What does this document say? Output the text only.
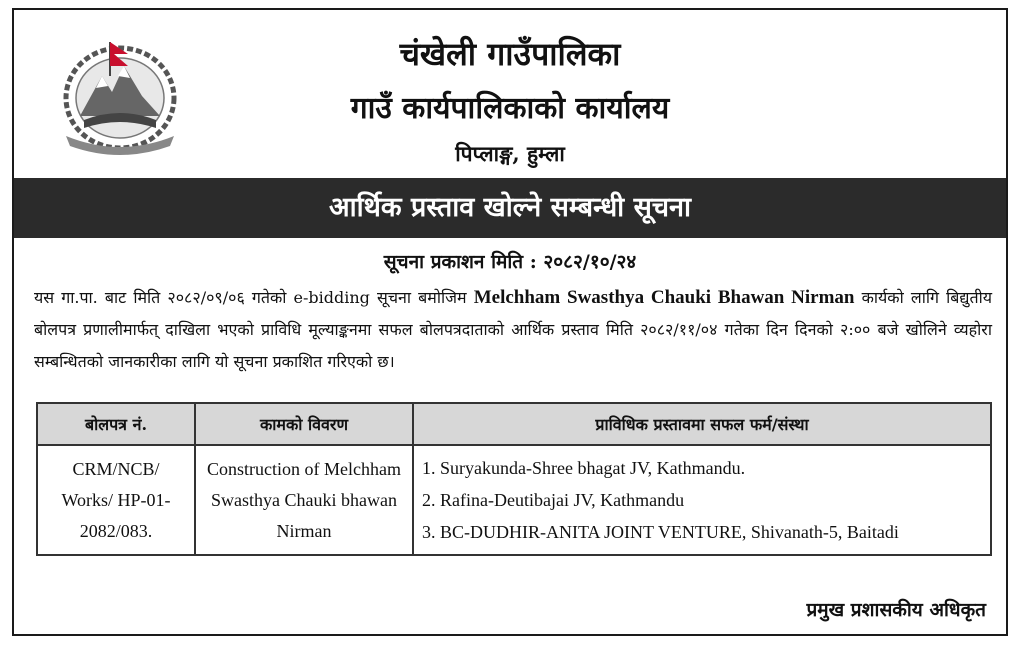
चंखेली गाउँपालिका
गाउँ कार्यपालिकाको कार्यालय
पिप्लाङ्ग, हुम्ला
आर्थिक प्रस्ताव खोल्ने सम्बन्धी सूचना
सूचना प्रकाशन मिति : २०८२/१०/२४
यस गा.पा. बाट मिति २०८२/०९/०६ गतेको e-bidding सूचना बमोजिम Melchham Swasthya Chauki Bhawan Nirman कार्यको लागि बिद्युतीय बोलपत्र प्रणालीमार्फत् दाखिला भएको प्राविधि मूल्याङ्कनमा सफल बोलपत्रदाताको आर्थिक प्रस्ताव मिति २०८२/११/०४ गतेका दिन दिनको २:०० बजे खोलिने व्यहोरा सम्बन्धितको जानकारीका लागि यो सूचना प्रकाशित गरिएको छ।
बोलपत्र नं.	कामको विवरण	प्राविधिक प्रस्तावमा सफल फर्म/संस्था
CRM/NCB/ Works/ HP-01- 2082/083.	Construction of Melchham Swasthya Chauki bhawan Nirman	1. Suryakunda-Shree bhagat JV, Kathmandu.
2. Rafina-Deutibajai JV, Kathmandu
3. BC-DUDHIR-ANITA JOINT VENTURE, Shivanath-5, Baitadi
प्रमुख प्रशासकीय अधिकृत
